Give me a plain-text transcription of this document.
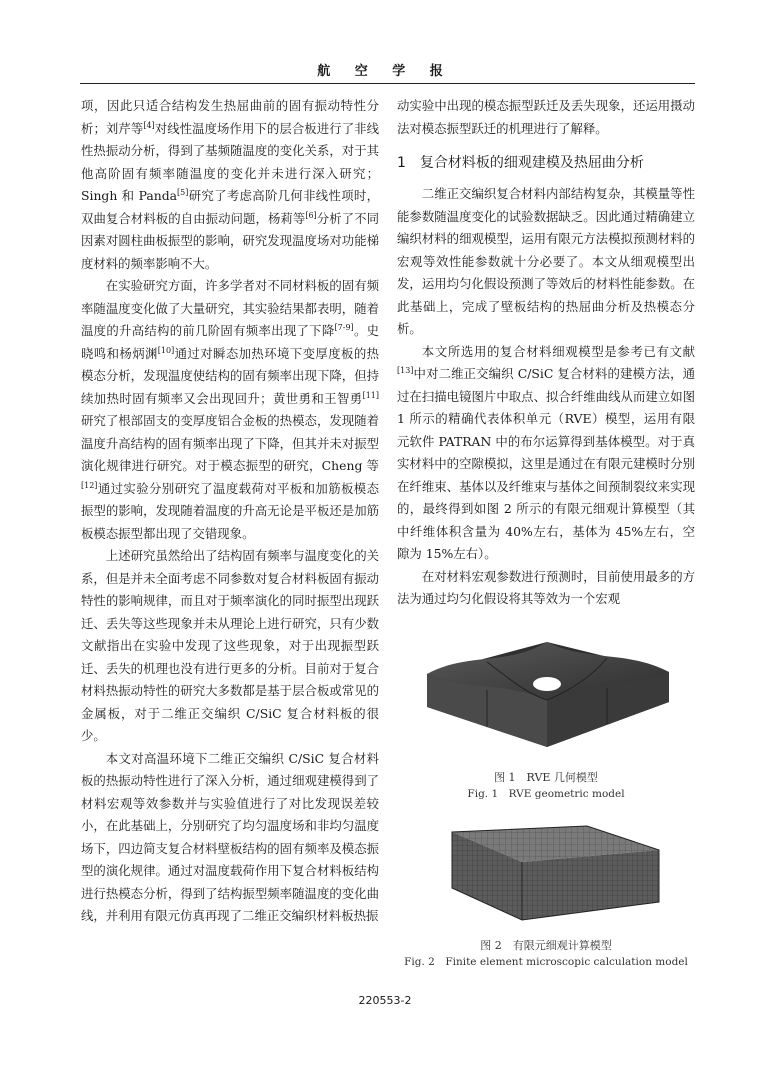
航 空 学 报

项，因此只适合结构发生热屈曲前的固有振动特性分析；刘芹等[4]对线性温度场作用下的层合板进行了非线性热振动分析，得到了基频随温度的变化关系，对于其他高阶固有频率随温度的变化并未进行深入研究；Singh 和 Panda[5]研究了考虑高阶几何非线性项时，双曲复合材料板的自由振动问题，杨莉等[6]分析了不同因素对圆柱曲板振型的影响，研究发现温度场对功能梯度材料的频率影响不大。

在实验研究方面，许多学者对不同材料板的固有频率随温度变化做了大量研究，其实验结果都表明，随着温度的升高结构的前几阶固有频率出现了下降[7-9]。史晓鸣和杨炳渊[10]通过对瞬态加热环境下变厚度板的热模态分析，发现温度使结构的固有频率出现下降，但持续加热时固有频率又会出现回升；黄世勇和王智勇[11]研究了根部固支的变厚度铝合金板的热模态，发现随着温度升高结构的固有频率出现了下降，但其并未对振型演化规律进行研究。对于模态振型的研究，Cheng 等[12]通过实验分别研究了温度载荷对平板和加筋板模态振型的影响，发现随着温度的升高无论是平板还是加筋板模态振型都出现了交错现象。

上述研究虽然给出了结构固有频率与温度变化的关系，但是并未全面考虑不同参数对复合材料板固有振动特性的影响规律，而且对于频率演化的同时振型出现跃迁、丢失等这些现象并未从理论上进行研究，只有少数文献指出在实验中发现了这些现象，对于出现振型跃迁、丢失的机理也没有进行更多的分析。目前对于复合材料热振动特性的研究大多数都是基于层合板或常见的金属板，对于二维正交编织 C/SiC 复合材料板的很少。

本文对高温环境下二维正交编织 C/SiC 复合材料板的热振动特性进行了深入分析，通过细观建模得到了材料宏观等效参数并与实验值进行了对比发现误差较小，在此基础上，分别研究了均匀温度场和非均匀温度场下，四边简支复合材料壁板结构的固有频率及模态振型的演化规律。通过对温度载荷作用下复合材料板结构进行热模态分析，得到了结构振型频率随温度的变化曲线，并利用有限元仿真再现了二维正交编织材料板热振

动实验中出现的模态振型跃迁及丢失现象，还运用摄动法对模态振型跃迁的机理进行了解释。

1 复合材料板的细观建模及热屈曲分析

二维正交编织复合材料内部结构复杂，其模量等性能参数随温度变化的试验数据缺乏。因此通过精确建立编织材料的细观模型，运用有限元方法模拟预测材料的宏观等效性能参数就十分必要了。本文从细观模型出发，运用均匀化假设预测了等效后的材料性能参数。在此基础上，完成了壁板结构的热屈曲分析及热模态分析。

本文所选用的复合材料细观模型是参考已有文献[13]中对二维正交编织 C/SiC 复合材料的建模方法，通过在扫描电镜图片中取点、拟合纤维曲线从而建立如图 1 所示的精确代表体积单元（RVE）模型，运用有限元软件 PATRAN 中的布尔运算得到基体模型。对于真实材料中的空隙模拟，这里是通过在有限元建模时分别在纤维束、基体以及纤维束与基体之间预制裂纹来实现的，最终得到如图 2 所示的有限元细观计算模型（其中纤维体积含量为 40%左右，基体为 45%左右，空隙为 15%左右）。

在对材料宏观参数进行预测时，目前使用最多的方法为通过均匀化假设将其等效为一个宏观

图 1　RVE 几何模型
Fig. 1　RVE geometric model
图 2　有限元细观计算模型
Fig. 2　Finite element microscopic calculation model
220553-2
